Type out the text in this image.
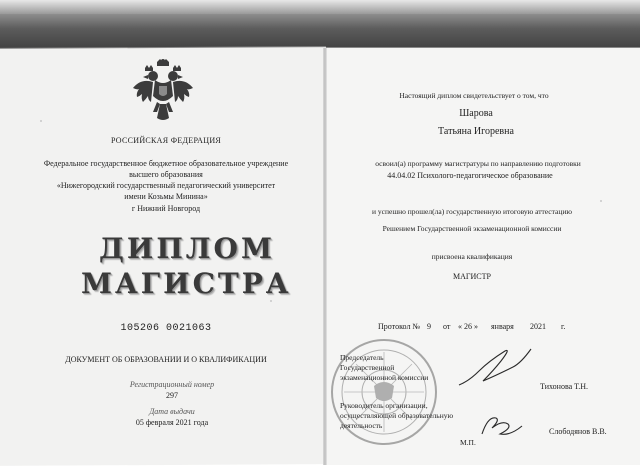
РОССИЙСКАЯ ФЕДЕРАЦИЯ
Федеральное государственное бюджетное образовательное учреждение
высшего образования
«Нижегородский государственный педагогический университет
имени Козьмы Минина»
г Нижний Новгород
ДИПЛОМ
МАГИСТРА
105206 0021063
ДОКУМЕНТ ОБ ОБРАЗОВАНИИ И О КВАЛИФИКАЦИИ
Регистрационный номер
297
Дата выдачи
05 февраля 2021 года
Настоящий диплом свидетельствует о том, что
Шарова
Татьяна Игоревна
освоил(а) программу магистратуры по направлению подготовки
44.04.02 Психолого-педагогическое образование
и успешно прошел(ла) государственную итоговую аттестацию
Решением Государственной экзаменационной комиссии
присвоена квалификация
МАГИСТР
Протокол № 9 от « 26 » января 2021 г.
Председатель
Государственной
экзаменационной комиссии
Тихонова Т.Н.
Руководитель организации,
осуществляющей образовательную
деятельность
Слободянов В.В.
М.П.
